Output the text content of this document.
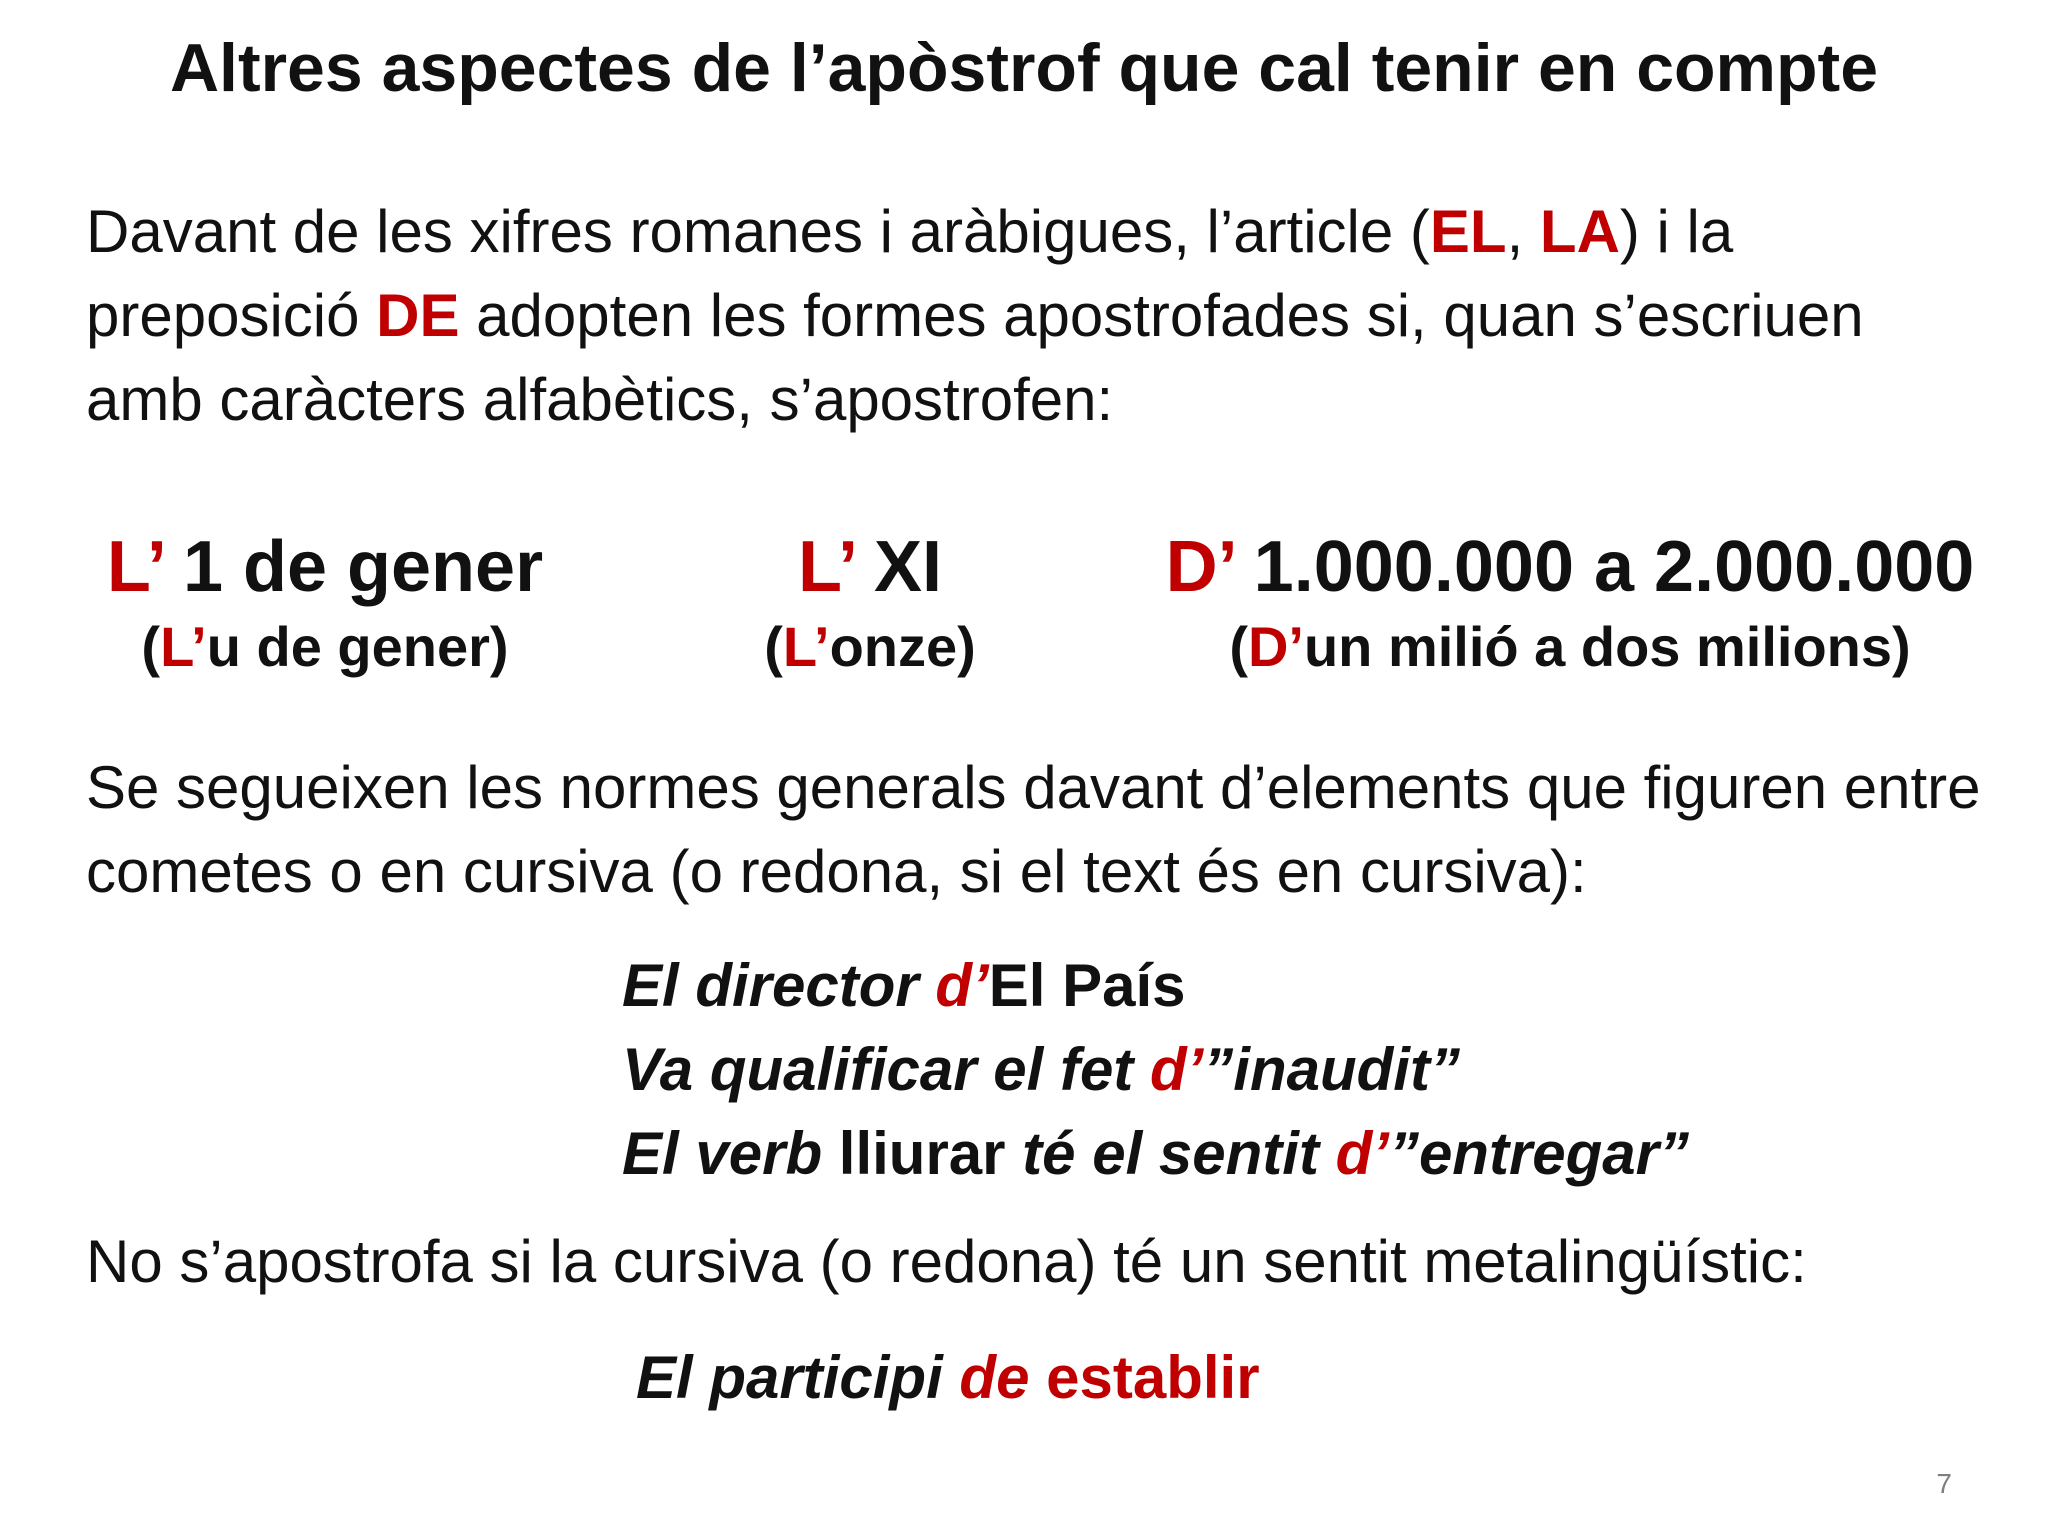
Altres aspectes de l’apòstrof que cal tenir en compte
Davant de les xifres romanes i aràbigues, l’article (EL, LA) i la preposició DE adopten les formes apostrofades si, quan s’escriuen amb caràcters alfabètics, s’apostrofen:
L’ 1 de gener
(L’u de gener)
L’ XI
(L’onze)
D’ 1.000.000 a 2.000.000
(D’un milió a dos milions)
Se segueixen les normes generals davant d’elements que figuren entre cometes o en cursiva (o redona, si el text és en cursiva):
El director d’El País
Va qualificar el fet d’”inaudit”
El verb lliurar té el sentit d’”entregar”
No s’apostrofa si la cursiva (o redona) té un sentit metalingüístic:
El participi de establir
7
